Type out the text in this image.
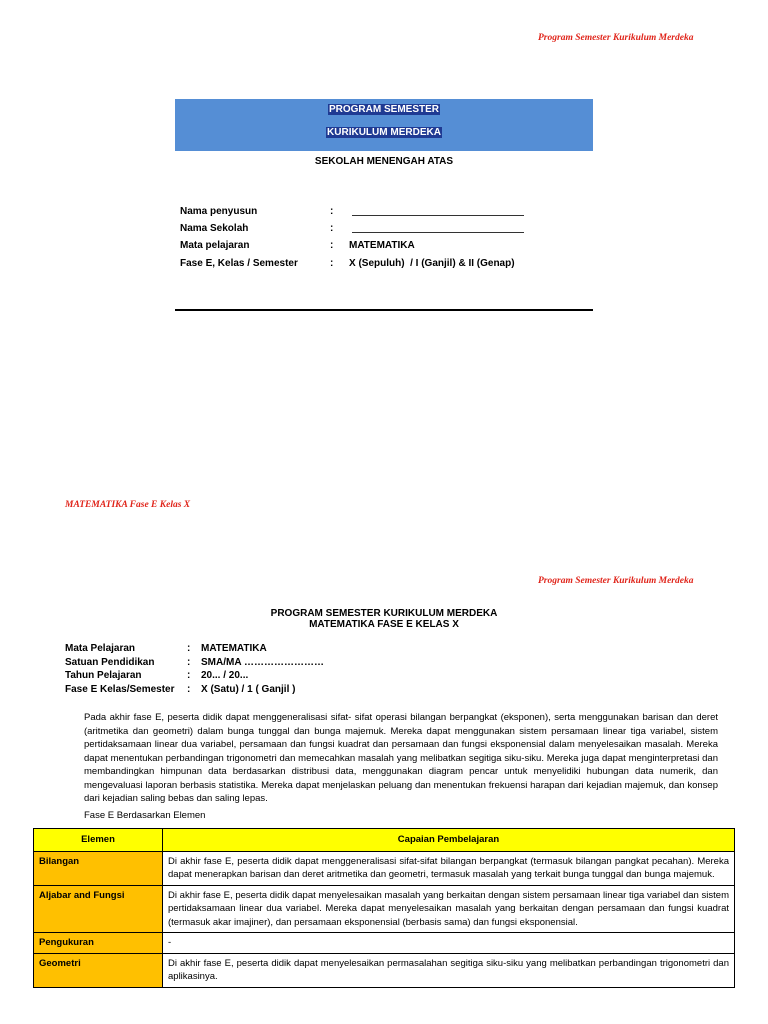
Program Semester Kurikulum Merdeka
PROGRAM SEMESTER
KURIKULUM MERDEKA
SEKOLAH MENENGAH ATAS
Nama penyusun	:
Nama Sekolah	:
Mata pelajaran	: MATEMATIKA
Fase E, Kelas / Semester	: X (Sepuluh)  / I (Ganjil) & II (Genap)
MATEMATIKA Fase E Kelas X
Program Semester Kurikulum Merdeka
PROGRAM SEMESTER KURIKULUM MERDEKA
MATEMATIKA FASE E KELAS X
Mata Pelajaran	: MATEMATIKA
Satuan Pendidikan	: SMA/MA ……………………
Tahun Pelajaran	: 20... / 20...
Fase E Kelas/Semester : X (Satu) / 1 ( Ganjil )
Pada akhir fase E, peserta didik dapat menggeneralisasi sifat- sifat operasi bilangan berpangkat (eksponen), serta menggunakan barisan dan deret (aritmetika dan geometri) dalam bunga tunggal dan bunga majemuk. Mereka dapat menggunakan sistem persamaan linear tiga variabel, sistem pertidaksamaan linear dua variabel, persamaan dan fungsi kuadrat dan persamaan dan fungsi eksponensial dalam menyelesaikan masalah. Mereka dapat menentukan perbandingan trigonometri dan memecahkan masalah yang melibatkan segitiga siku-siku. Mereka juga dapat menginterpretasi dan membandingkan himpunan data berdasarkan distribusi data, menggunakan diagram pencar untuk menyelidiki hubungan data numerik, dan mengevaluasi laporan berbasis statistika. Mereka dapat menjelaskan peluang dan menentukan frekuensi harapan dari kejadian majemuk, dan konsep dari kejadian saling bebas dan saling lepas.
Fase E Berdasarkan Elemen
Elemen	Capaian Pembelajaran
Bilangan	Di akhir fase E, peserta didik dapat menggeneralisasi sifat-sifat bilangan berpangkat (termasuk bilangan pangkat pecahan). Mereka dapat menerapkan barisan dan deret aritmetika dan geometri, termasuk masalah yang terkait bunga tunggal dan bunga majemuk.
Aljabar and Fungsi	Di akhir fase E, peserta didik dapat menyelesaikan masalah yang berkaitan dengan sistem persamaan linear tiga variabel dan sistem pertidaksamaan linear dua variabel. Mereka dapat menyelesaikan masalah yang berkaitan dengan persamaan dan fungsi kuadrat (termasuk akar imajiner), dan persamaan eksponensial (berbasis sama) dan fungsi eksponensial.
Pengukuran	-
Geometri	Di akhir fase E, peserta didik dapat menyelesaikan permasalahan segitiga siku-siku yang melibatkan perbandingan trigonometri dan aplikasinya.
